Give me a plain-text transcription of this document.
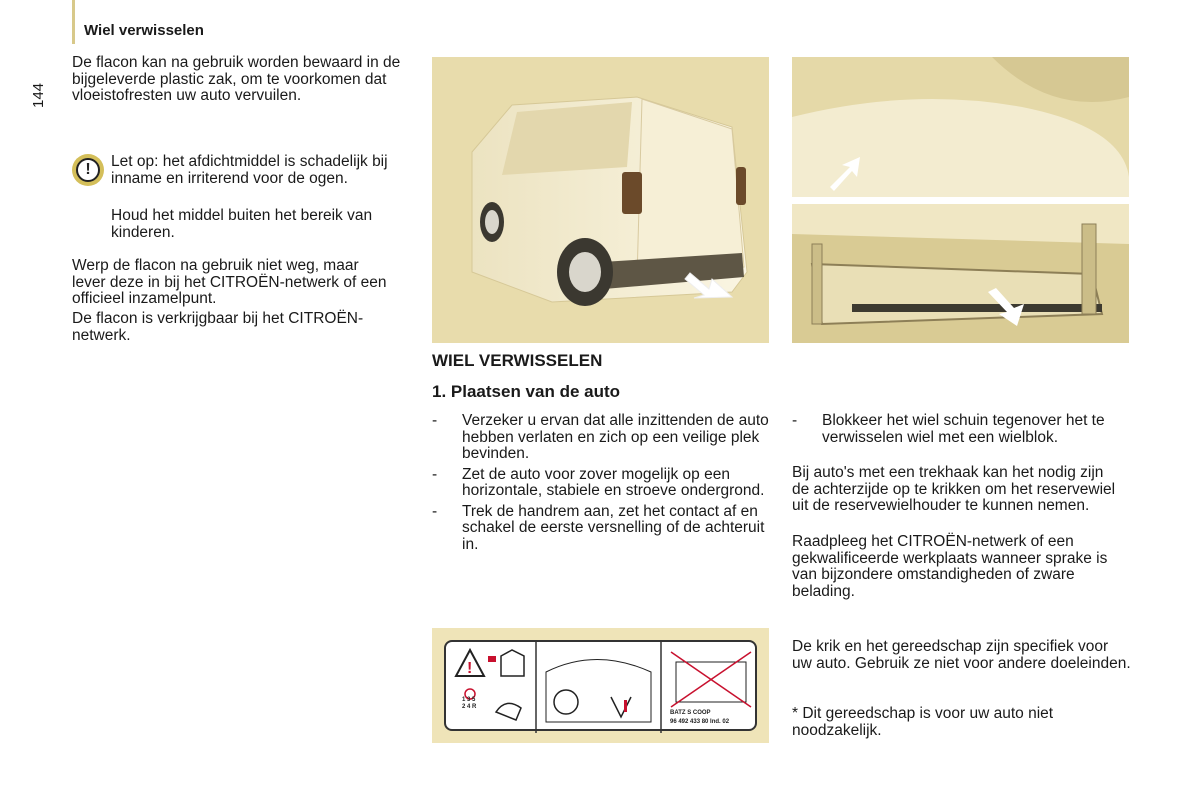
Wiel verwisselen
144

De flacon kan na gebruik worden bewaard in de bijgeleverde plastic zak, om te voorkomen dat vloeistofresten uw auto vervuilen.

!	Let op: het afdichtmiddel is schadelijk bij inname en irriterend voor de ogen.

Houd het middel buiten het bereik van kinderen.

Werp de flacon na gebruik niet weg, maar lever deze in bij het CITROËN-netwerk of een officieel inzamelpunt.

De flacon is verkrijgbaar bij het CITROËN-netwerk.

WIEL VERWISSELEN
1. Plaatsen van de auto
- Verzeker u ervan dat alle inzittenden de auto hebben verlaten en zich op een veilige plek bevinden.
- Zet de auto voor zover mogelijk op een horizontale, stabiele en stroeve ondergrond.
- Trek de handrem aan, zet het contact af en schakel de eerste versnelling of de achteruit in.
- Blokkeer het wiel schuin tegenover het te verwisselen wiel met een wielblok.

Bij auto's met een trekhaak kan het nodig zijn de achterzijde op te krikken om het reservewiel uit de reservewielhouder te kunnen nemen.

Raadpleeg het CITROËN-netwerk of een gekwalificeerde werkplaats wanneer sprake is van bijzondere omstandigheden of zware belading.

De krik en het gereedschap zijn specifiek voor uw auto. Gebruik ze niet voor andere doeleinden.

* Dit gereedschap is voor uw auto niet noodzakelijk.

!
1 3 5
2 4 R
BATZ S COOP
96 492 433 80 Ind. 02
